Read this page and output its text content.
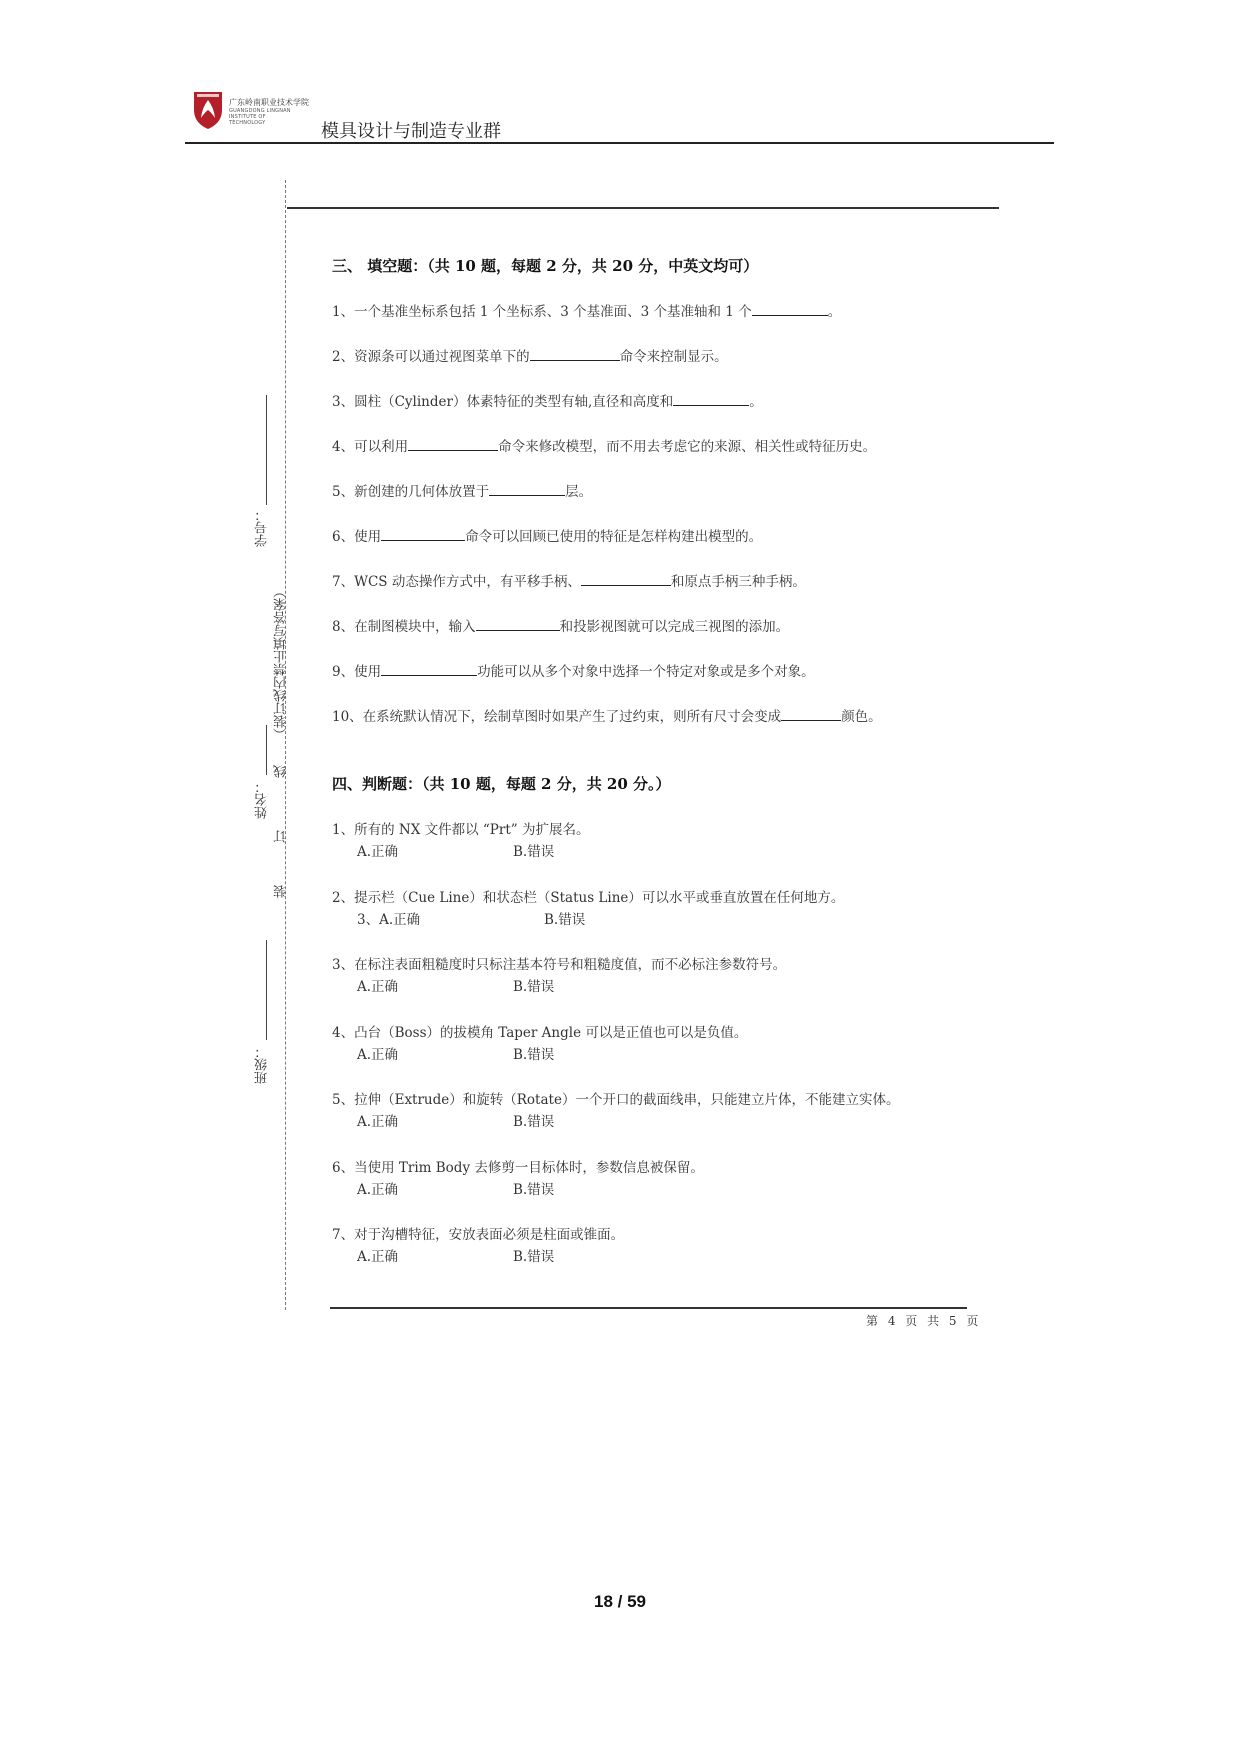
广东岭南职业技术学院
GUANGDONG LINGNAN INSTITUTE OF TECHNOLOGY	模具设计与制造专业群
学号：
（装订线内禁止填写答案）
姓名：
线
订
装
班级：
三、 填空题：（共 10 题，每题 2 分，共 20 分，中英文均可）
1、一个基准坐标系包括 1 个坐标系、3 个基准面、3 个基准轴和 1 个	。
2、资源条可以通过视图菜单下的	命令来控制显示。
3、圆柱（Cylinder）体素特征的类型有轴,直径和高度和	。
4、可以利用	命令来修改模型，而不用去考虑它的来源、相关性或特征历史。
5、新创建的几何体放置于	层。
6、使用	命令可以回顾已使用的特征是怎样构建出模型的。
7、WCS 动态操作方式中，有平移手柄、	和原点手柄三种手柄。
8、在制图模块中，输入	和投影视图就可以完成三视图的添加。
9、使用	功能可以从多个对象中选择一个特定对象或是多个对象。
10、在系统默认情况下，绘制草图时如果产生了过约束，则所有尺寸会变成	颜色。
四、判断题：（共 10 题，每题 2 分，共 20 分。）
1、所有的 NX 文件都以 “Prt” 为扩展名。
A.正确	B.错误
2、提示栏（Cue Line）和状态栏（Status Line）可以水平或垂直放置在任何地方。
3、A.正确	B.错误
3、在标注表面粗糙度时只标注基本符号和粗糙度值，而不必标注参数符号。
A.正确	B.错误
4、凸台（Boss）的拔模角 Taper Angle 可以是正值也可以是负值。
A.正确	B.错误
5、拉伸（Extrude）和旋转（Rotate）一个开口的截面线串，只能建立片体，不能建立实体。
A.正确	B.错误
6、当使用 Trim Body 去修剪一目标体时，参数信息被保留。
A.正确	B.错误
7、对于沟槽特征，安放表面必须是柱面或锥面。
A.正确	B.错误
第 4 页 共 5 页
18 / 59
